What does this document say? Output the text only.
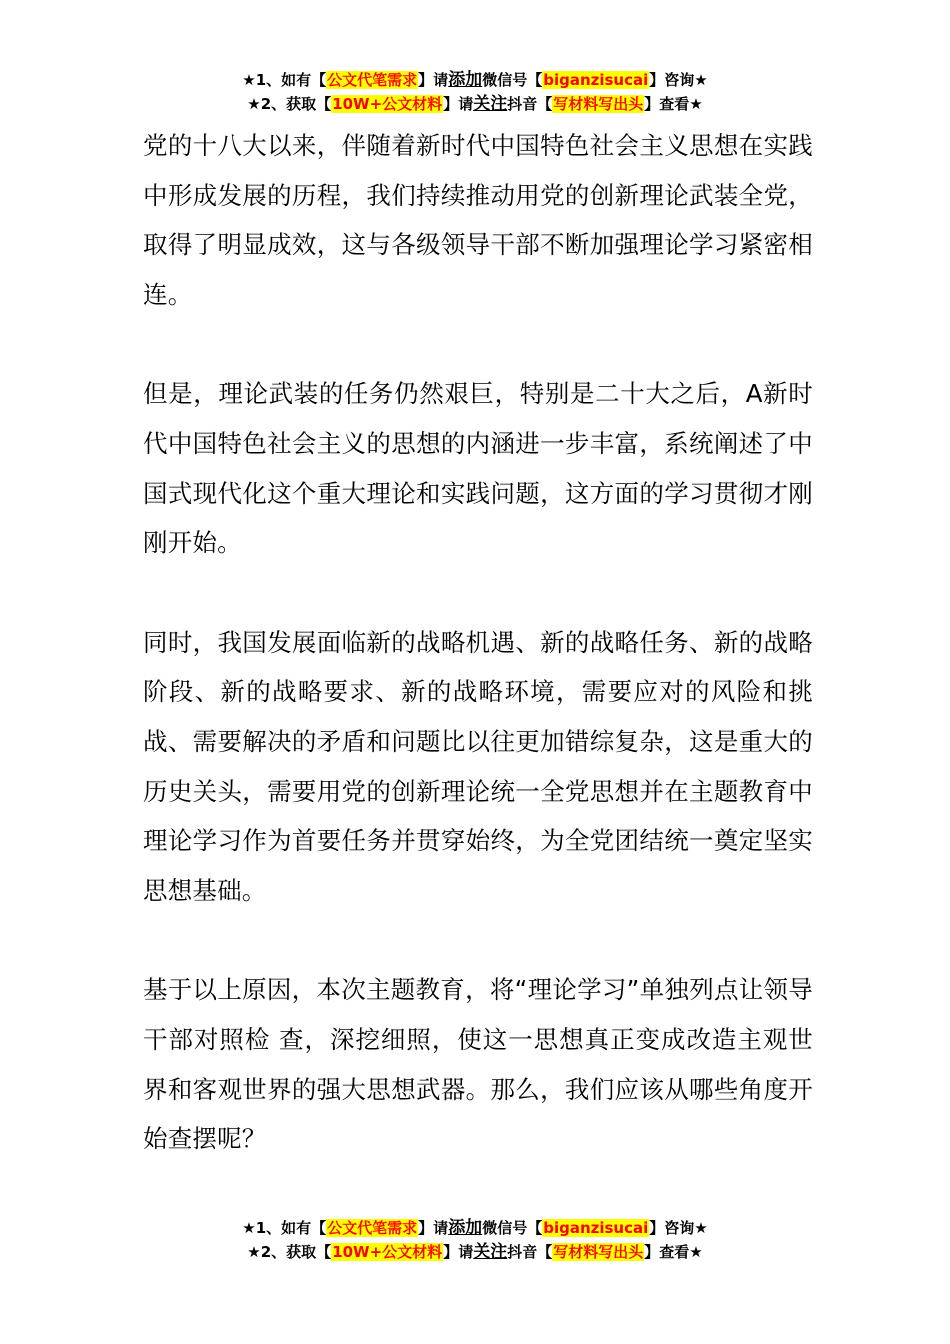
★1、如有【公文代笔需求】请添加微信号【biganzisucai】咨询★
★2、获取【10W+公文材料】请关注抖音【写材料写出头】查看★

党的十八大以来，伴随着新时代中国特色社会主义思想在实践中形成发展的历程，我们持续推动用党的创新理论武装全党，取得了明显成效，这与各级领导干部不断加强理论学习紧密相连。

但是，理论武装的任务仍然艰巨，特别是二十大之后，A新时代中国特色社会主义的思想的内涵进一步丰富，系统阐述了中国式现代化这个重大理论和实践问题，这方面的学习贯彻才刚刚开始。

同时，我国发展面临新的战略机遇、新的战略任务、新的战略阶段、新的战略要求、新的战略环境，需要应对的风险和挑战、需要解决的矛盾和问题比以往更加错综复杂，这是重大的历史关头，需要用党的创新理论统一全党思想并在主题教育中理论学习作为首要任务并贯穿始终，为全党团结统一奠定坚实思想基础。

基于以上原因，本次主题教育，将“理论学习”单独列点让领导干部对照检 查，深挖细照，使这一思想真正变成改造主观世界和客观世界的强大思想武器。那么，我们应该从哪些角度开始查摆呢？

★1、如有【公文代笔需求】请添加微信号【biganzisucai】咨询★
★2、获取【10W+公文材料】请关注抖音【写材料写出头】查看★
